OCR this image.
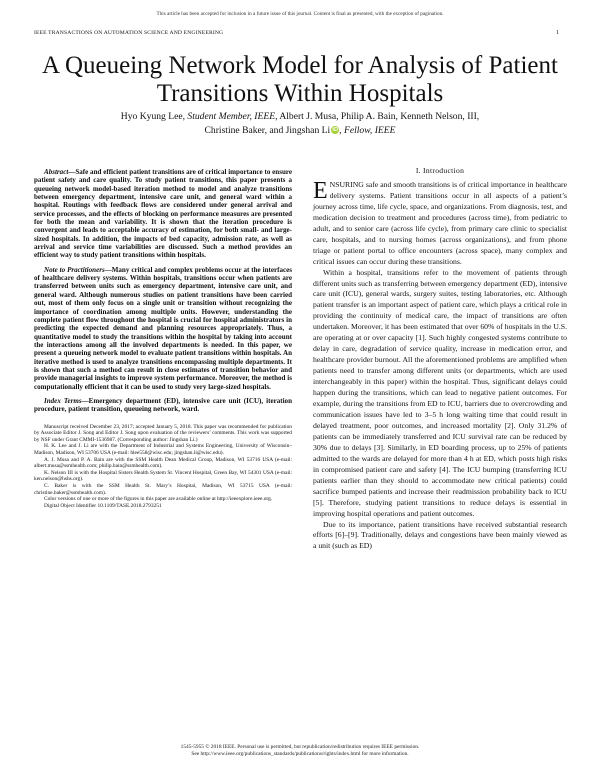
This article has been accepted for inclusion in a future issue of this journal. Content is final as presented, with the exception of pagination.
IEEE TRANSACTIONS ON AUTOMATION SCIENCE AND ENGINEERING	1
A Queueing Network Model for Analysis of Patient Transitions Within Hospitals
Hyo Kyung Lee, Student Member, IEEE, Albert J. Musa, Philip A. Bain, Kenneth Nelson, III,
Christine Baker, and Jingshan Li iD, Fellow, IEEE

Abstract—Safe and efficient patient transitions are of critical importance to ensure patient safety and care quality. To study patient transitions, this paper presents a queueing network model-based iteration method to model and analyze transitions between emergency department, intensive care unit, and general ward within a hospital. Routings with feedback flows are considered under general arrival and service processes, and the effects of blocking on performance measures are presented for both the mean and variability. It is shown that the iteration procedure is convergent and leads to acceptable accuracy of estimation, for both small- and large-sized hospitals. In addition, the impacts of bed capacity, admission rate, as well as arrival and service time variabilities are discussed. Such a method provides an efficient way to study patient transitions within hospitals.

Note to Practitioners—Many critical and complex problems occur at the interfaces of healthcare delivery systems. Within hospitals, transitions occur when patients are transferred between units such as emergency department, intensive care unit, and general ward. Although numerous studies on patient transitions have been carried out, most of them only focus on a single unit or transition without recognizing the importance of coordination among multiple units. However, understanding the complete patient flow throughout the hospital is crucial for hospital administrators in predicting the expected demand and planning resources appropriately. Thus, a quantitative model to study the transitions within the hospital by taking into account the interactions among all the involved departments is needed. In this paper, we present a queueing network model to evaluate patient transitions within hospitals. An iterative method is used to analyze transitions encompassing multiple departments. It is shown that such a method can result in close estimates of transition behavior and provide managerial insights to improve system performance. Moreover, the method is computationally efficient that it can be used to study very large-sized hospitals.

Index Terms—Emergency department (ED), intensive care unit (ICU), iteration procedure, patient transition, queueing network, ward.

Manuscript received December 23, 2017; accepted January 5, 2018. This paper was recommended for publication by Associate Editor J. Song and Editor J. Song upon evaluation of the reviewers’ comments. This work was supported by NSF under Grant CMMI-1536987. (Corresponding author: Jingshan Li.)

H. K. Lee and J. Li are with the Department of Industrial and Systems Engineering, University of Wisconsin–Madison, Madison, WI 53706 USA (e-mail: hlee558@wisc.edu; jingshan.li@wisc.edu).

A. J. Musa and P. A. Bain are with the SSM Health Dean Medical Group, Madison, WI 53716 USA (e-mail: albert.musa@ssmhealth.com; philip.bain@ssmhealth.com).

K. Nelson III is with the Hospital Sisters Health System St. Vincent Hospital, Green Bay, WI 54301 USA (e-mail: ken.nelson@hshs.org).

C. Baker is with the SSM Health St. Mary’s Hospital, Madison, WI 53715 USA (e-mail: christine.baker@ssmhealth.com).

Color versions of one or more of the figures in this paper are available online at http://ieeexplore.ieee.org.

Digital Object Identifier 10.1109/TASE.2018.2793251

I. Introduction

ENSURING safe and smooth transitions is of critical importance in healthcare delivery systems. Patient transitions occur in all aspects of a patient’s journey across time, life cycle, space, and organizations. From diagnosis, test, and medication decision to treatment and procedures (across time), from pediatric to adult, and to senior care (across life cycle), from primary care clinic to specialist care, hospitals, and to nursing homes (across organizations), and from phone triage or patient portal to office encounters (across space), many complex and critical issues can occur during these transitions.

Within a hospital, transitions refer to the movement of patients through different units such as transferring between emergency department (ED), intensive care unit (ICU), general wards, surgery suites, testing laboratories, etc. Although patient transfer is an important aspect of patient care, which plays a critical role in providing the continuity of medical care, the impact of transitions are often undertaken. Moreover, it has been estimated that over 60% of hospitals in the U.S. are operating at or over capacity [1]. Such highly congested systems contribute to delay in care, degradation of service quality, increase in medication error, and healthcare provider burnout. All the aforementioned problems are amplified when patients need to transfer among different units (or departments, which are used interchangeably in this paper) within the hospital. Thus, significant delays could happen during the transitions, which can lead to negative patient outcomes. For example, during the transitions from ED to ICU, barriers due to overcrowding and communication issues have led to 3–5 h long waiting time that could result in delayed treatment, poor outcomes, and increased mortality [2]. Only 31.2% of patients can be immediately transferred and ICU survival rate can be reduced by 30% due to delays [3]. Similarly, in ED boarding process, up to 25% of patients admitted to the wards are delayed for more than 4 h at ED, which posts high risks in compromised patient care and safety [4]. The ICU bumping (transferring ICU patients earlier than they should to accommodate new critical patients) could sacrifice bumped patients and increase their readmission probability back to ICU [5]. Therefore, studying patient transitions to reduce delays is essential in improving hospital operations and patient outcomes.

Due to its importance, patient transitions have received substantial research efforts [6]–[9]. Traditionally, delays and congestions have been mainly viewed as a unit (such as ED)

1545-5955 © 2018 IEEE. Personal use is permitted, but republication/redistribution requires IEEE permission.
See http://www.ieee.org/publications_standards/publications/rights/index.html for more information.
